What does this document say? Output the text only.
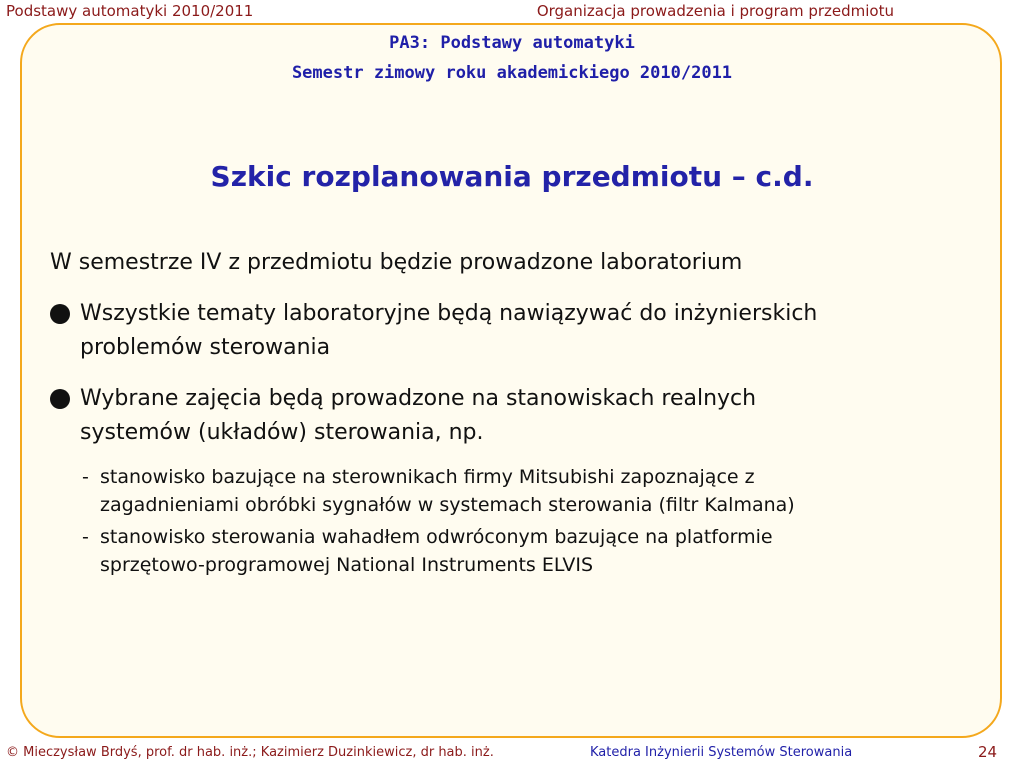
Podstawy automatyki 2010/2011	Organizacja prowadzenia i program przedmiotu
PA3: Podstawy automatyki
Semestr zimowy roku akademickiego 2010/2011
Szkic rozplanowania przedmiotu – c.d.
W semestrze IV z przedmiotu będzie prowadzone laboratorium
Wszystkie tematy laboratoryjne będą nawiązywać do inżynierskich
problemów sterowania
Wybrane zajęcia będą prowadzone na stanowiskach realnych
systemów (układów) sterowania, np.
- stanowisko bazujące na sterownikach firmy Mitsubishi zapoznające z
zagadnieniami obróbki sygnałów w systemach sterowania (filtr Kalmana)
- stanowisko sterowania wahadłem odwróconym bazujące na platformie
sprzętowo-programowej National Instruments ELVIS
© Mieczysław Brdyś, prof. dr hab. inż.; Kazimierz Duzinkiewicz, dr hab. inż.	Katedra Inżynierii Systemów Sterowania	24
